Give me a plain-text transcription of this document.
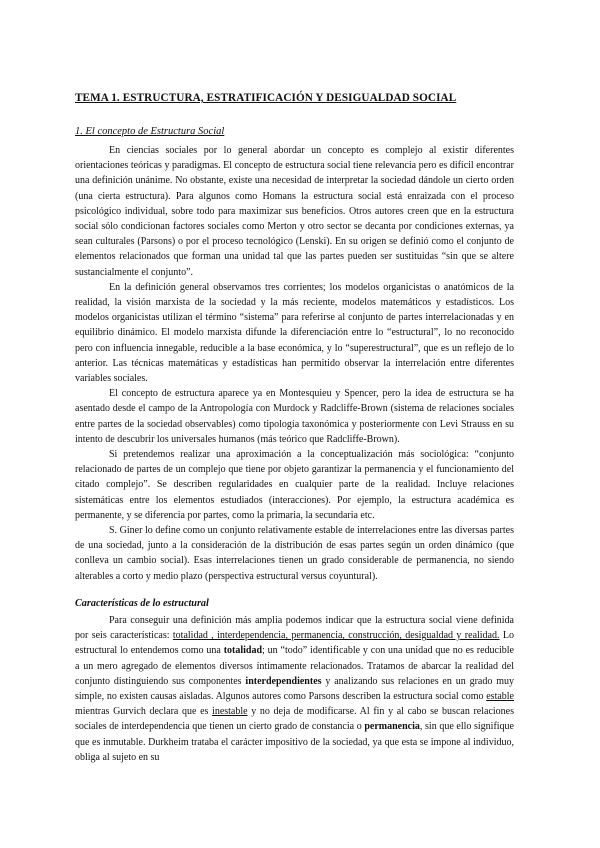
TEMA 1. ESTRUCTURA, ESTRATIFICACIÓN Y DESIGUALDAD SOCIAL
1. El concepto de Estructura Social

En ciencias sociales por lo general abordar un concepto es complejo al existir diferentes orientaciones teóricas y paradigmas. El concepto de estructura social tiene relevancia pero es difícil encontrar una definición unánime. No obstante, existe una necesidad de interpretar la sociedad dándole un cierto orden (una cierta estructura). Para algunos como Homans la estructura social está enraizada con el proceso psicológico individual, sobre todo para maximizar sus beneficios. Otros autores creen que en la estructura social sólo condicionan factores sociales como Merton y otro sector se decanta por condiciones externas, ya sean culturales (Parsons) o por el proceso tecnológico (Lenski). En su origen se definió como el conjunto de elementos relacionados que forman una unidad tal que las partes pueden ser sustituidas “sin que se altere sustancialmente el conjunto”.

En la definición general observamos tres corrientes; los modelos organicistas o anatómicos de la realidad, la visión marxista de la sociedad y la más reciente, modelos matemáticos y estadísticos. Los modelos organicistas utilizan el término “sistema” para referirse al conjunto de partes interrelacionadas y en equilibrio dinámico. El modelo marxista difunde la diferenciación entre lo “estructural”, lo no reconocido pero con influencia innegable, reducible a la base económica, y lo “superestructural”, que es un reflejo de lo anterior. Las técnicas matemáticas y estadísticas han permitido observar la interrelación entre diferentes variables sociales.

El concepto de estructura aparece ya en Montesquieu y Spencer, pero la idea de estructura se ha asentado desde el campo de la Antropología con Murdock y Radcliffe-Brown (sistema de relaciones sociales entre partes de la sociedad observables) como tipología taxonómica y posteriormente con Levi Strauss en su intento de descubrir los universales humanos (más teórico que Radcliffe-Brown).

Si pretendemos realizar una aproximación a la conceptualización más sociológica: “conjunto relacionado de partes de un complejo que tiene por objeto garantizar la permanencia y el funcionamiento del citado complejo”. Se describen regularidades en cualquier parte de la realidad. Incluye relaciones sistemáticas entre los elementos estudiados (interacciones). Por ejemplo, la estructura académica es permanente, y se diferencia por partes, como la primaria, la secundaria etc.

S. Giner lo define como un conjunto relativamente estable de interrelaciones entre las diversas partes de una sociedad, junto a la consideración de la distribución de esas partes según un orden dinámico (que conlleva un cambio social). Esas interrelaciones tienen un grado considerable de permanencia, no siendo alterables a corto y medio plazo (perspectiva estructural versus coyuntural).

Características de lo estructural

Para conseguir una definición más amplia podemos indicar que la estructura social viene definida por seis características: totalidad , interdependencia, permanencia, construcción, desigualdad y realidad. Lo estructural lo entendemos como una totalidad; un “todo” identificable y con una unidad que no es reducible a un mero agregado de elementos diversos íntimamente relacionados. Tratamos de abarcar la realidad del conjunto distinguiendo sus componentes interdependientes y analizando sus relaciones en un grado muy simple, no existen causas aisladas. Algunos autores como Parsons describen la estructura social como estable mientras Gurvich declara que es inestable y no deja de modificarse. Al fin y al cabo se buscan relaciones sociales de interdependencia que tienen un cierto grado de constancia o permanencia, sin que ello signifique que es inmutable. Durkheim trataba el carácter impositivo de la sociedad, ya que esta se impone al individuo, obliga al sujeto en su
